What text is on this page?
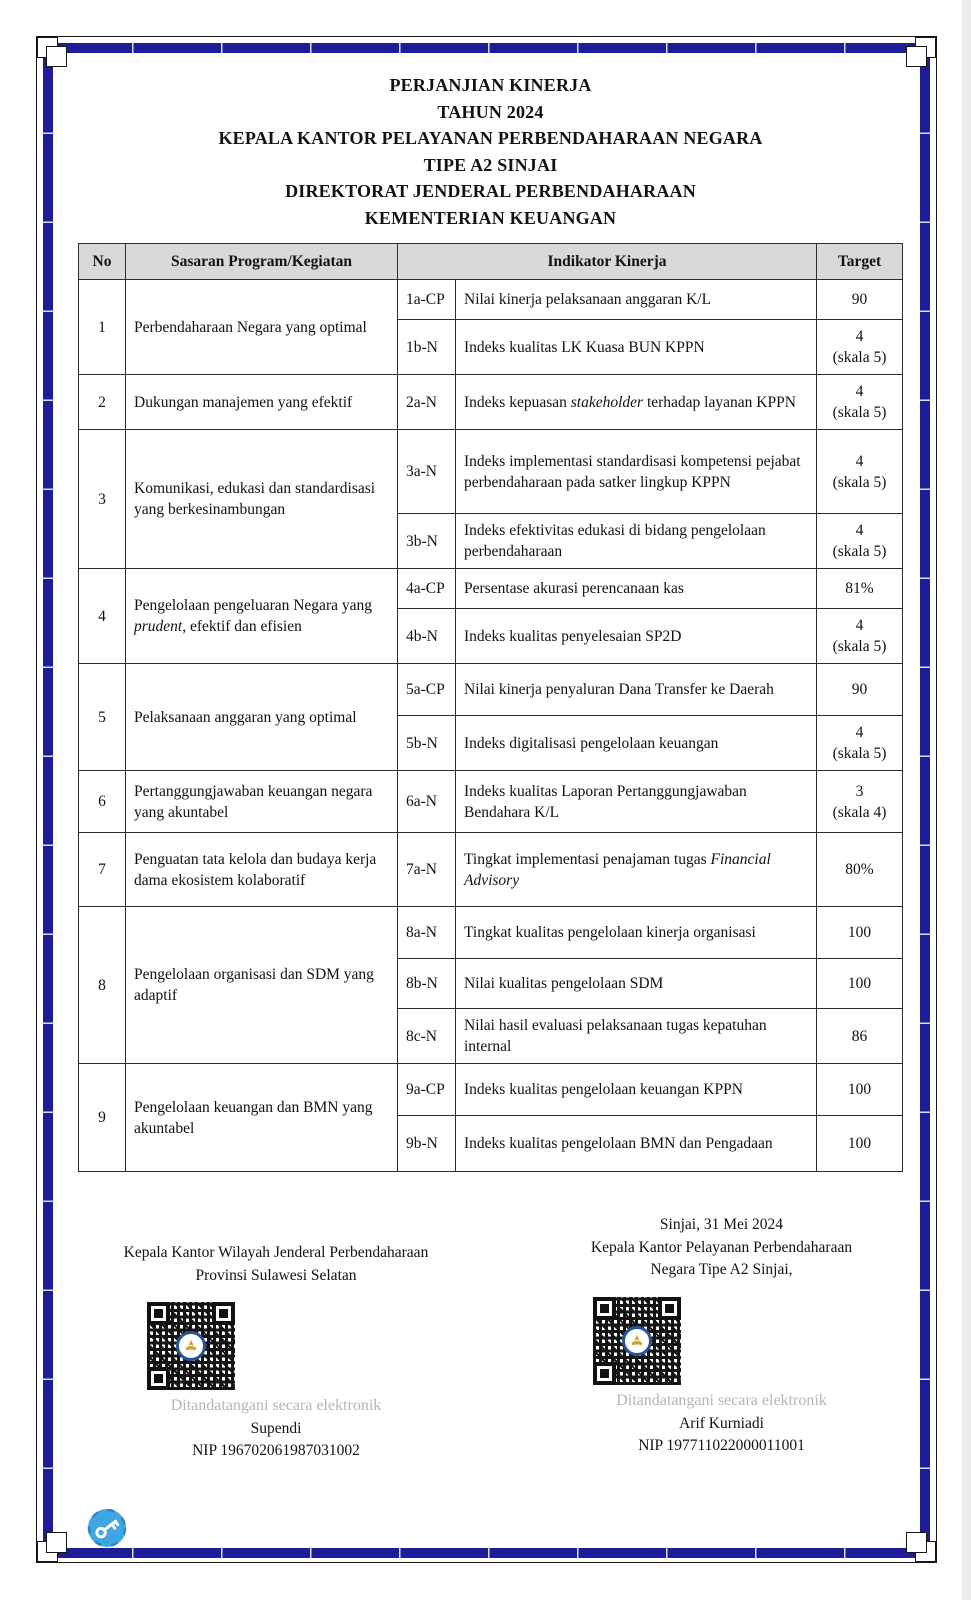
PERJANJIAN KINERJA
TAHUN 2024
KEPALA KANTOR PELAYANAN PERBENDAHARAAN NEGARA
TIPE A2 SINJAI
DIREKTORAT JENDERAL PERBENDAHARAAN
KEMENTERIAN KEUANGAN
No	Sasaran Program/Kegiatan	Indikator Kinerja		Target
1	Perbendaharaan Negara yang optimal	1a-CP	Nilai kinerja pelaksanaan anggaran K/L	90

		1b-N	Indeks kualitas LK Kuasa BUN KPPN	4
(skala 5)

2	Dukungan manajemen yang efektif	2a-N	Indeks kepuasan stakeholder terhadap layanan KPPN	4
(skala 5)

3	Komunikasi, edukasi dan standardisasi yang berkesinambungan	3a-N	Indeks implementasi standardisasi kompetensi pejabat perbendaharaan pada satker lingkup KPPN	4
(skala 5)

		3b-N	Indeks efektivitas edukasi di bidang pengelolaan perbendaharaan	4
(skala 5)

4	Pengelolaan pengeluaran Negara yang prudent, efektif dan efisien	4a-CP	Persentase akurasi perencanaan kas	81%

		4b-N	Indeks kualitas penyelesaian SP2D	4
(skala 5)

5	Pelaksanaan anggaran yang optimal	5a-CP	Nilai kinerja penyaluran Dana Transfer ke Daerah	90

		5b-N	Indeks digitalisasi pengelolaan keuangan	4
(skala 5)

6	Pertanggungjawaban keuangan negara yang akuntabel	6a-N	Indeks kualitas Laporan Pertanggungjawaban Bendahara K/L	3
(skala 4)

7	Penguatan tata kelola dan budaya kerja dama ekosistem kolaboratif	7a-N	Tingkat implementasi penajaman tugas Financial Advisory	80%

8	Pengelolaan organisasi dan SDM yang adaptif	8a-N	Tingkat kualitas pengelolaan kinerja organisasi	100

		8b-N	Nilai kualitas pengelolaan SDM	100

		8c-N	Nilai hasil evaluasi pelaksanaan tugas kepatuhan internal	86

9	Pengelolaan keuangan dan BMN yang akuntabel	9a-CP	Indeks kualitas pengelolaan keuangan KPPN	100

		9b-N	Indeks kualitas pengelolaan BMN dan Pengadaan	100
Kepala Kantor Wilayah Jenderal Perbendaharaan
Provinsi Sulawesi Selatan
Ditandatangani secara elektronik
Supendi
NIP 196702061987031002
Sinjai, 31 Mei 2024
Kepala Kantor Pelayanan Perbendaharaan
Negara Tipe A2 Sinjai,
Ditandatangani secara elektronik
Arif Kurniadi
NIP 197711022000011001
